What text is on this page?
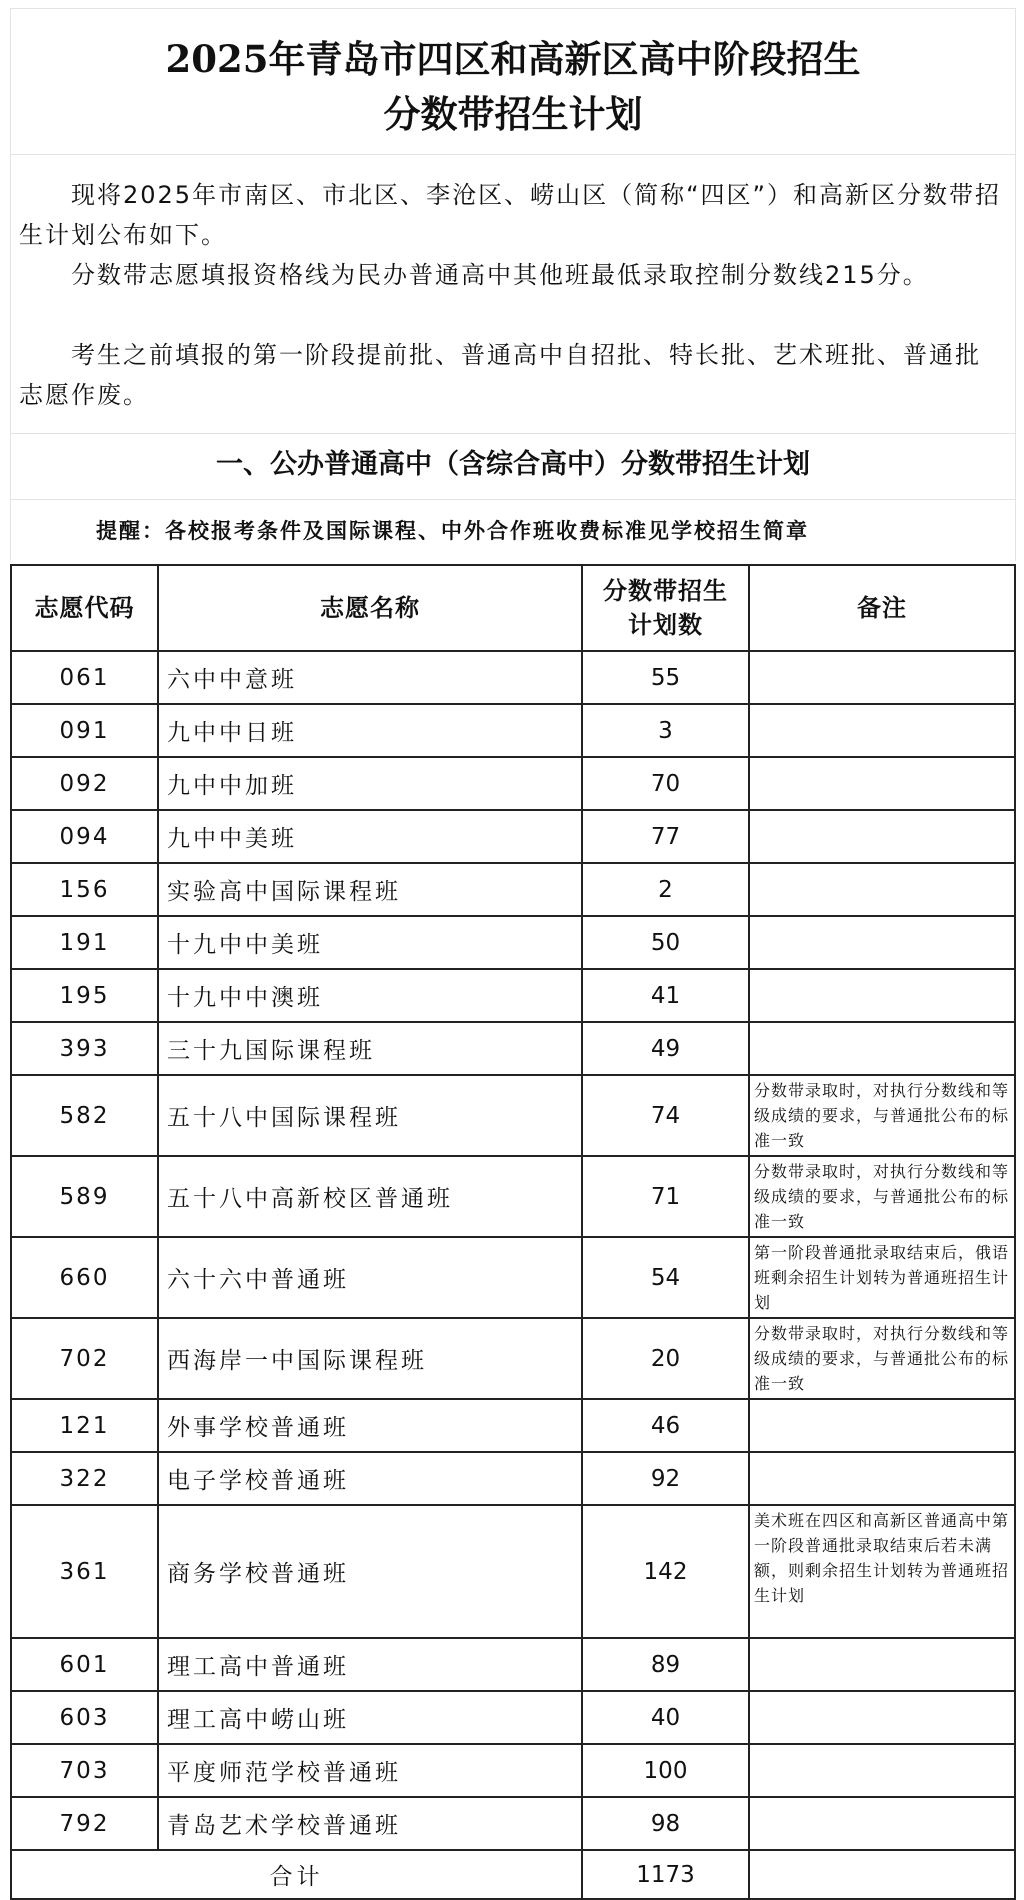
2025年青岛市四区和高新区高中阶段招生
分数带招生计划
　　现将2025年市南区、市北区、李沧区、崂山区（简称“四区”）和高新区分数带招生计划公布如下。
　　分数带志愿填报资格线为民办普通高中其他班最低录取控制分数线215分。
　　考生之前填报的第一阶段提前批、普通高中自招批、特长批、艺术班批、普通批志愿作废。
一、公办普通高中（含综合高中）分数带招生计划
提醒：各校报考条件及国际课程、中外合作班收费标准见学校招生简章
志愿代码	志愿名称	分数带招生计划数	备注
061	六中中意班	55	
091	九中中日班	3	
092	九中中加班	70	
094	九中中美班	77	
156	实验高中国际课程班	2	
191	十九中中美班	50	
195	十九中中澳班	41	
393	三十九国际课程班	49	
582	五十八中国际课程班	74	分数带录取时，对执行分数线和等级成绩的要求，与普通批公布的标准一致
589	五十八中高新校区普通班	71	分数带录取时，对执行分数线和等级成绩的要求，与普通批公布的标准一致
660	六十六中普通班	54	第一阶段普通批录取结束后，俄语班剩余招生计划转为普通班招生计划
702	西海岸一中国际课程班	20	分数带录取时，对执行分数线和等级成绩的要求，与普通批公布的标准一致
121	外事学校普通班	46	
322	电子学校普通班	92	
361	商务学校普通班	142	美术班在四区和高新区普通高中第一阶段普通批录取结束后若未满额，则剩余招生计划转为普通班招生计划
601	理工高中普通班	89	
603	理工高中崂山班	40	
703	平度师范学校普通班	100	
792	青岛艺术学校普通班	98	
合计		1173	
